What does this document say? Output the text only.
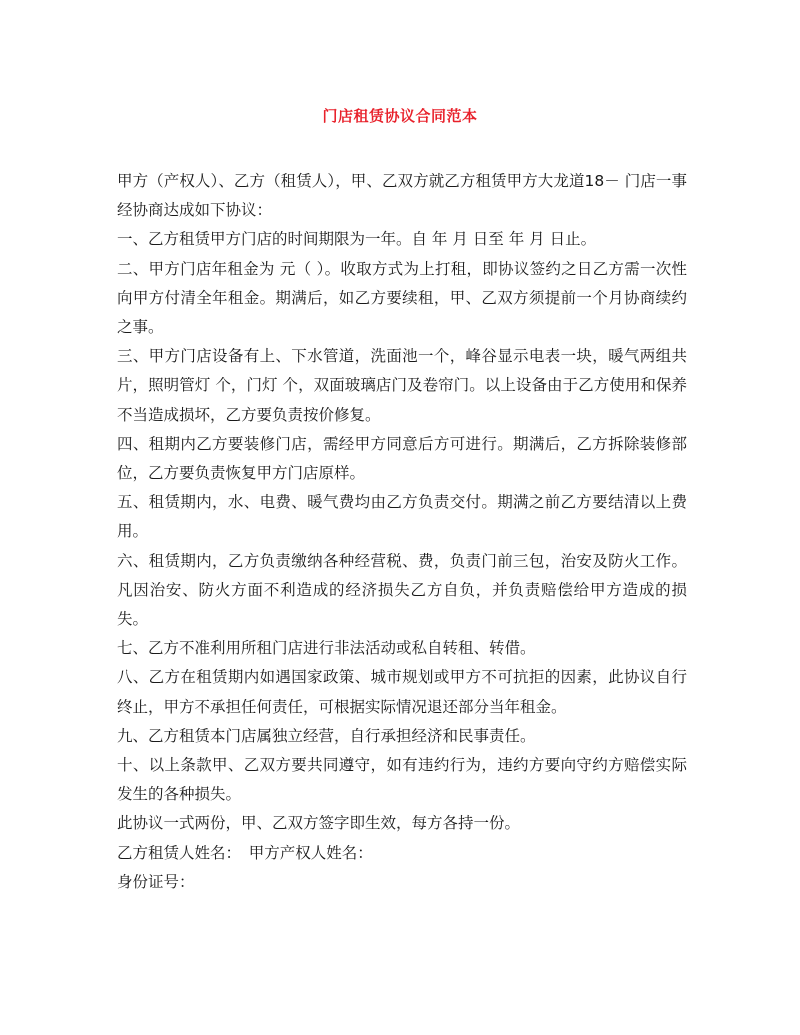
门店租赁协议合同范本

甲方（产权人）、乙方（租赁人），甲、乙双方就乙方租赁甲方大龙道18－ 门店一事经协商达成如下协议：

一、乙方租赁甲方门店的时间期限为一年。自 年 月 日至 年 月 日止。

二、甲方门店年租金为 元（ ）。收取方式为上打租，即协议签约之日乙方需一次性向甲方付清全年租金。期满后，如乙方要续租，甲、乙双方须提前一个月协商续约之事。

三、甲方门店设备有上、下水管道，洗面池一个，峰谷显示电表一块，暖气两组共 片，照明管灯 个，门灯 个，双面玻璃店门及卷帘门。以上设备由于乙方使用和保养不当造成损坏，乙方要负责按价修复。

四、租期内乙方要装修门店，需经甲方同意后方可进行。期满后，乙方拆除装修部位，乙方要负责恢复甲方门店原样。

五、租赁期内，水、电费、暖气费均由乙方负责交付。期满之前乙方要结清以上费用。

六、租赁期内，乙方负责缴纳各种经营税、费，负责门前三包，治安及防火工作。凡因治安、防火方面不利造成的经济损失乙方自负，并负责赔偿给甲方造成的损失。

七、乙方不准利用所租门店进行非法活动或私自转租、转借。

八、乙方在租赁期内如遇国家政策、城市规划或甲方不可抗拒的因素，此协议自行终止，甲方不承担任何责任，可根据实际情况退还部分当年租金。

九、乙方租赁本门店属独立经营，自行承担经济和民事责任。

十、以上条款甲、乙双方要共同遵守，如有违约行为，违约方要向守约方赔偿实际发生的各种损失。

此协议一式两份，甲、乙双方签字即生效，每方各持一份。

乙方租赁人姓名：　甲方产权人姓名：

身份证号：
